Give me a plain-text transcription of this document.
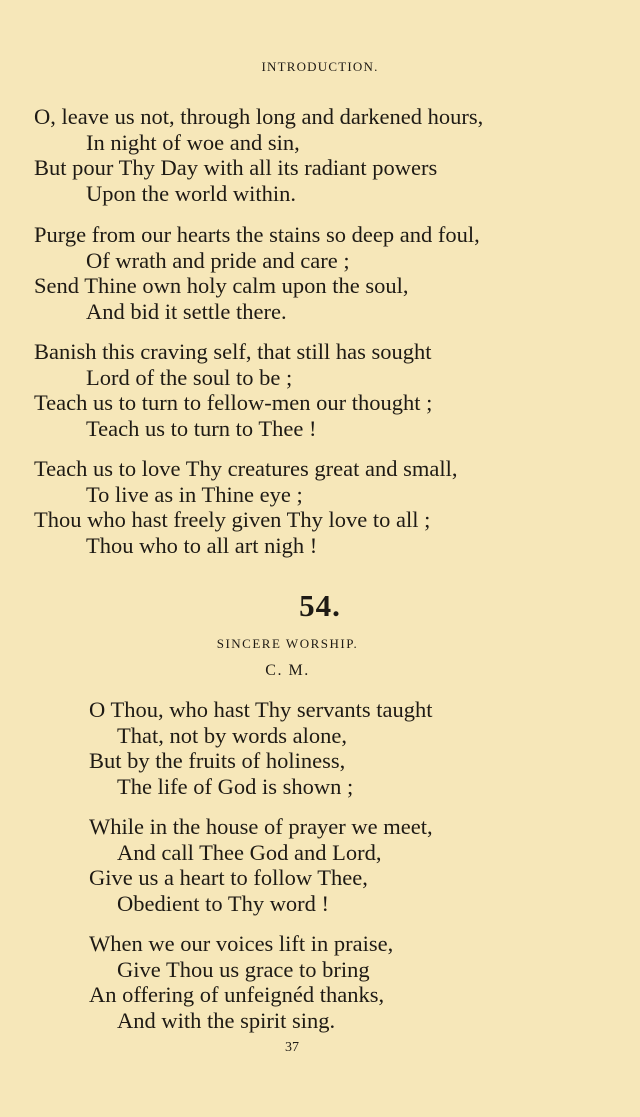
INTRODUCTION.
O, leave us not, through long and darkened hours,
In night of woe and sin,
But pour Thy Day with all its radiant powers
Upon the world within.
Purge from our hearts the stains so deep and foul,
Of wrath and pride and care ;
Send Thine own holy calm upon the soul,
And bid it settle there.
Banish this craving self, that still has sought
Lord of the soul to be ;
Teach us to turn to fellow-men our thought ;
Teach us to turn to Thee !
Teach us to love Thy creatures great and small,
To live as in Thine eye ;
Thou who hast freely given Thy love to all ;
Thou who to all art nigh !
54.
SINCERE WORSHIP.
C. M.
O Thou, who hast Thy servants taught
That, not by words alone,
But by the fruits of holiness,
The life of God is shown ;
While in the house of prayer we meet,
And call Thee God and Lord,
Give us a heart to follow Thee,
Obedient to Thy word !
When we our voices lift in praise,
Give Thou us grace to bring
An offering of unfeignéd thanks,
And with the spirit sing.
37
